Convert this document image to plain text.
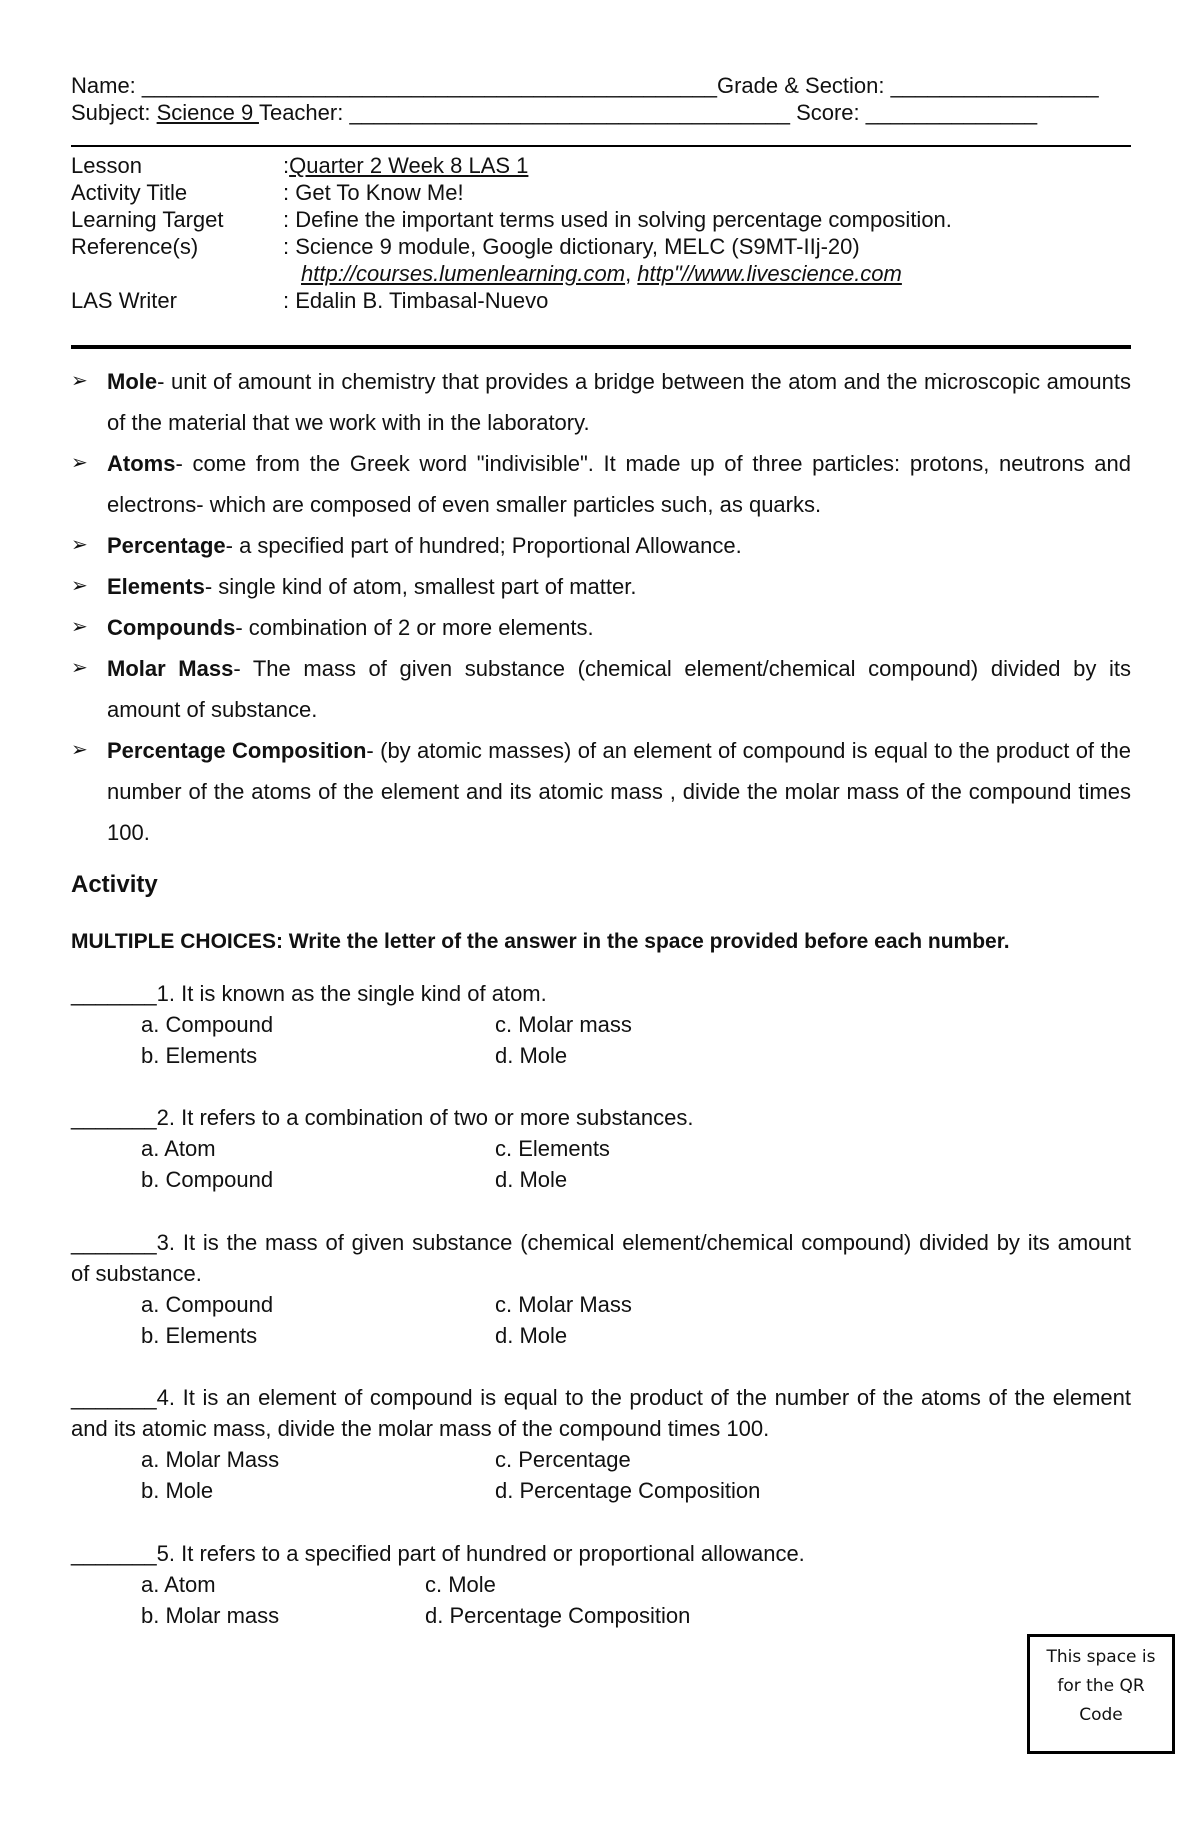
Name: _______________________________________________Grade & Section: _________________
Subject: Science 9 Teacher: ____________________________________ Score: ______________
Lesson	: Quarter 2 Week 8 LAS 1
Activity Title	: Get To Know Me!
Learning Target	: Define the important terms used in solving percentage composition.
Reference(s)	: Science 9 module, Google dictionary, MELC (S9MT-IIj-20)
http://courses.lumenlearning.com, http"//www.livescience.com
LAS Writer	: Edalin B. Timbasal-Nuevo
➢ Mole- unit of amount in chemistry that provides a bridge between the atom and the microscopic amounts of the material that we work with in the laboratory.
➢ Atoms- come from the Greek word "indivisible". It made up of three particles: protons, neutrons and electrons- which are composed of even smaller particles such, as quarks.
➢ Percentage- a specified part of hundred; Proportional Allowance.
➢ Elements- single kind of atom, smallest part of matter.
➢ Compounds- combination of 2 or more elements.
➢ Molar Mass- The mass of given substance (chemical element/chemical compound) divided by its amount of substance.
➢ Percentage Composition- (by atomic masses) of an element of compound is equal to the product of the number of the atoms of the element and its atomic mass , divide the molar mass of the compound times 100.
Activity
MULTIPLE CHOICES: Write the letter of the answer in the space provided before each number.
_______1. It is known as the single kind of atom.
a. Compound	c. Molar mass
b. Elements	d. Mole
_______2. It refers to a combination of two or more substances.
a. Atom	c. Elements
b. Compound	d. Mole
_______3. It is the mass of given substance (chemical element/chemical compound) divided by its amount of substance.
a. Compound	c. Molar Mass
b. Elements	d. Mole
_______4. It is an element of compound is equal to the product of the number of the atoms of the element and its atomic mass, divide the molar mass of the compound times 100.
a. Molar Mass	c. Percentage
b. Mole	d. Percentage Composition
_______5. It refers to a specified part of hundred or proportional allowance.
a. Atom	c. Mole
b. Molar mass	d. Percentage Composition
This space is
for the QR
Code
